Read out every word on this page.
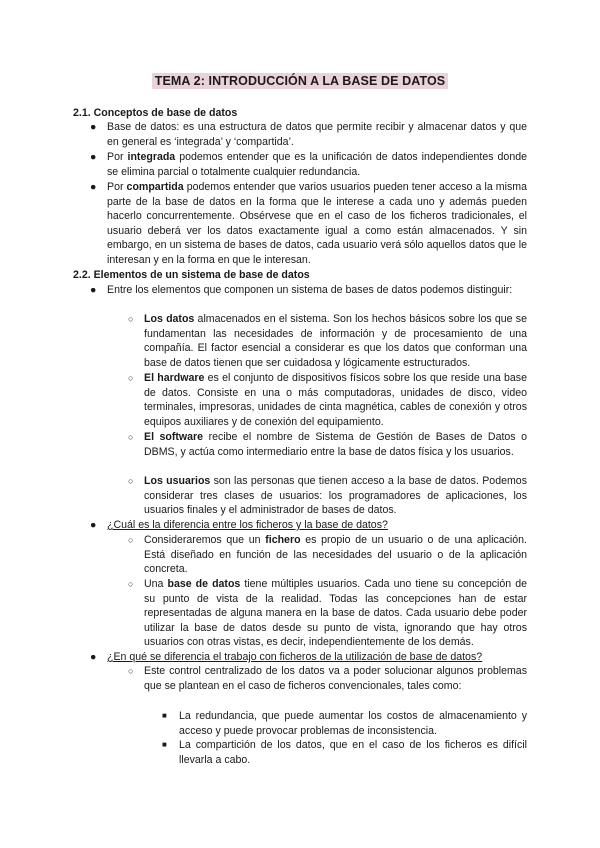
TEMA 2: INTRODUCCIÓN A LA BASE DE DATOS
2.1. Conceptos de base de datos
● Base de datos: es una estructura de datos que permite recibir y almacenar datos y que en general es ‘integrada’ y ‘compartida’.
● Por integrada podemos entender que es la unificación de datos independientes donde se elimina parcial o totalmente cualquier redundancia.
● Por compartida podemos entender que varios usuarios pueden tener acceso a la misma parte de la base de datos en la forma que le interese a cada uno y además pueden hacerlo concurrentemente. Obsérvese que en el caso de los ficheros tradicionales, el usuario deberá ver los datos exactamente igual a como están almacenados. Y sin embargo, en un sistema de bases de datos, cada usuario verá sólo aquellos datos que le interesan y en la forma en que le interesan.
2.2. Elementos de un sistema de base de datos
● Entre los elementos que componen un sistema de bases de datos podemos distinguir:
○ Los datos almacenados en el sistema. Son los hechos básicos sobre los que se fundamentan las necesidades de información y de procesamiento de una compañía. El factor esencial a considerar es que los datos que conforman una base de datos tienen que ser cuidadosa y lógicamente estructurados.
○ El hardware es el conjunto de dispositivos físicos sobre los que reside una base de datos. Consiste en una o más computadoras, unidades de disco, video terminales, impresoras, unidades de cinta magnética, cables de conexión y otros equipos auxiliares y de conexión del equipamiento.
○ El software recibe el nombre de Sistema de Gestión de Bases de Datos o DBMS, y actúa como intermediario entre la base de datos física y los usuarios.
○ Los usuarios son las personas que tienen acceso a la base de datos. Podemos considerar tres clases de usuarios: los programadores de aplicaciones, los usuarios finales y el administrador de bases de datos.
● ¿Cuál es la diferencia entre los ficheros y la base de datos?
○ Consideraremos que un fichero es propio de un usuario o de una aplicación. Está diseñado en función de las necesidades del usuario o de la aplicación concreta.
○ Una base de datos tiene múltiples usuarios. Cada uno tiene su concepción de su punto de vista de la realidad. Todas las concepciones han de estar representadas de alguna manera en la base de datos. Cada usuario debe poder utilizar la base de datos desde su punto de vista, ignorando que hay otros usuarios con otras vistas, es decir, independientemente de los demás.
● ¿En qué se diferencia el trabajo con ficheros de la utilización de base de datos?
○ Este control centralizado de los datos va a poder solucionar algunos problemas que se plantean en el caso de ficheros convencionales, tales como:
■ La redundancia, que puede aumentar los costos de almacenamiento y acceso y puede provocar problemas de inconsistencia.
■ La compartición de los datos, que en el caso de los ficheros es difícil llevarla a cabo.
